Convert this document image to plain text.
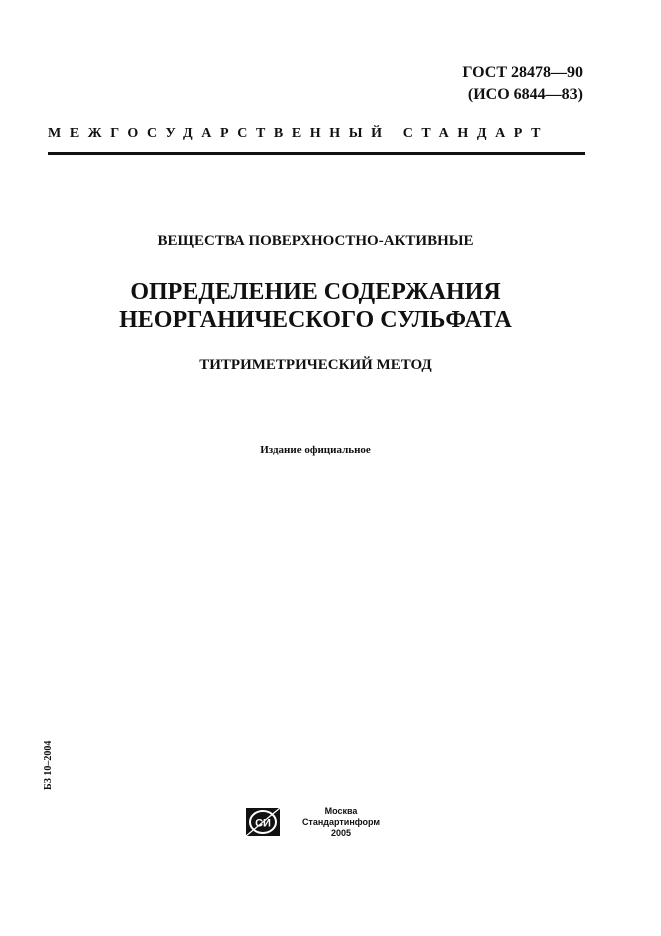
ГОСТ 28478—90
(ИСО 6844—83)
МЕЖГОСУДАРСТВЕННЫЙ СТАНДАРТ
ВЕЩЕСТВА ПОВЕРХНОСТНО-АКТИВНЫЕ
ОПРЕДЕЛЕНИЕ СОДЕРЖАНИЯ
НЕОРГАНИЧЕСКОГО СУЛЬФАТА
ТИТРИМЕТРИЧЕСКИЙ МЕТОД
Издание официальное
БЗ 10–2004
СИ
Москва
Стандартинформ
2005
